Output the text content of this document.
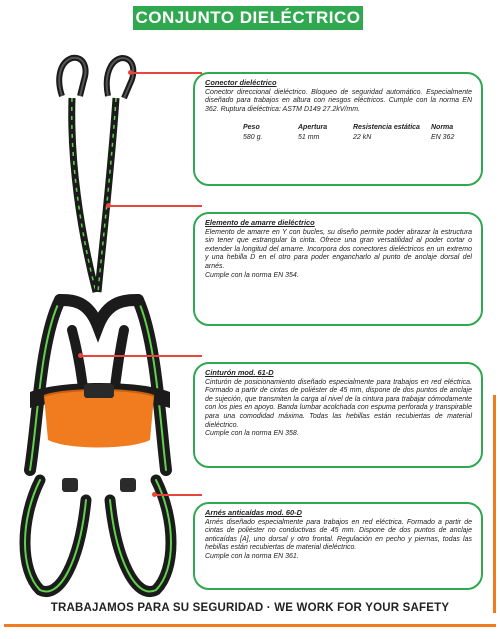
CONJUNTO DIELÉCTRICO
Conector dieléctrico

Conector direccional dieléctrico. Bloqueo de seguridad automático. Especialmente diseñado para trabajos en altura con riesgos eléctricos. Cumple con la norma EN 362. Ruptura dieléctrica: ASTM D149 27.2kV/mm.

Peso	Apertura	Resistencia estática	Norma
580 g.	51 mm	22 kN	EN 362
Elemento de amarre dieléctrico

Elemento de amarre en Y con bucles, su diseño permite poder abrazar la estructura sin tener que estrangular la cinta. Ofrece una gran versatilidad al poder cortar o extender la longitud del amarre. Incorpora dos conectores dieléctricos en un extremo y una hebilla D en el otro para poder engancharlo al punto de anclaje dorsal del arnés.

Cumple con la norma EN 354.

Cinturón mod. 61-D

Cinturón de posicionamiento diseñado especialmente para trabajos en red eléctrica. Formado a partir de cintas de poliéster de 45 mm, dispone de dos puntos de anclaje de sujeción, que transmiten la carga al nivel de la cintura para trabajar cómodamente con los pies en apoyo. Banda lumbar acolchada con espuma perforada y transpirable para una comodidad máxima. Todas las hebillas están recubiertas de material dieléctrico.

Cumple con la norma EN 358.

Arnés anticaídas mod. 60-D

Arnés diseñado especialmente para trabajos en red eléctrica. Formado a partir de cintas de poliéster no conductivas de 45 mm. Dispone de dos puntos de anclaje anticaídas [A], uno dorsal y otro frontal. Regulación en pecho y piernas, todas las hebillas están recubiertas de material dieléctrico.

Cumple con la norma EN 361.

TRABAJAMOS PARA SU SEGURIDAD · WE WORK FOR YOUR SAFETY
